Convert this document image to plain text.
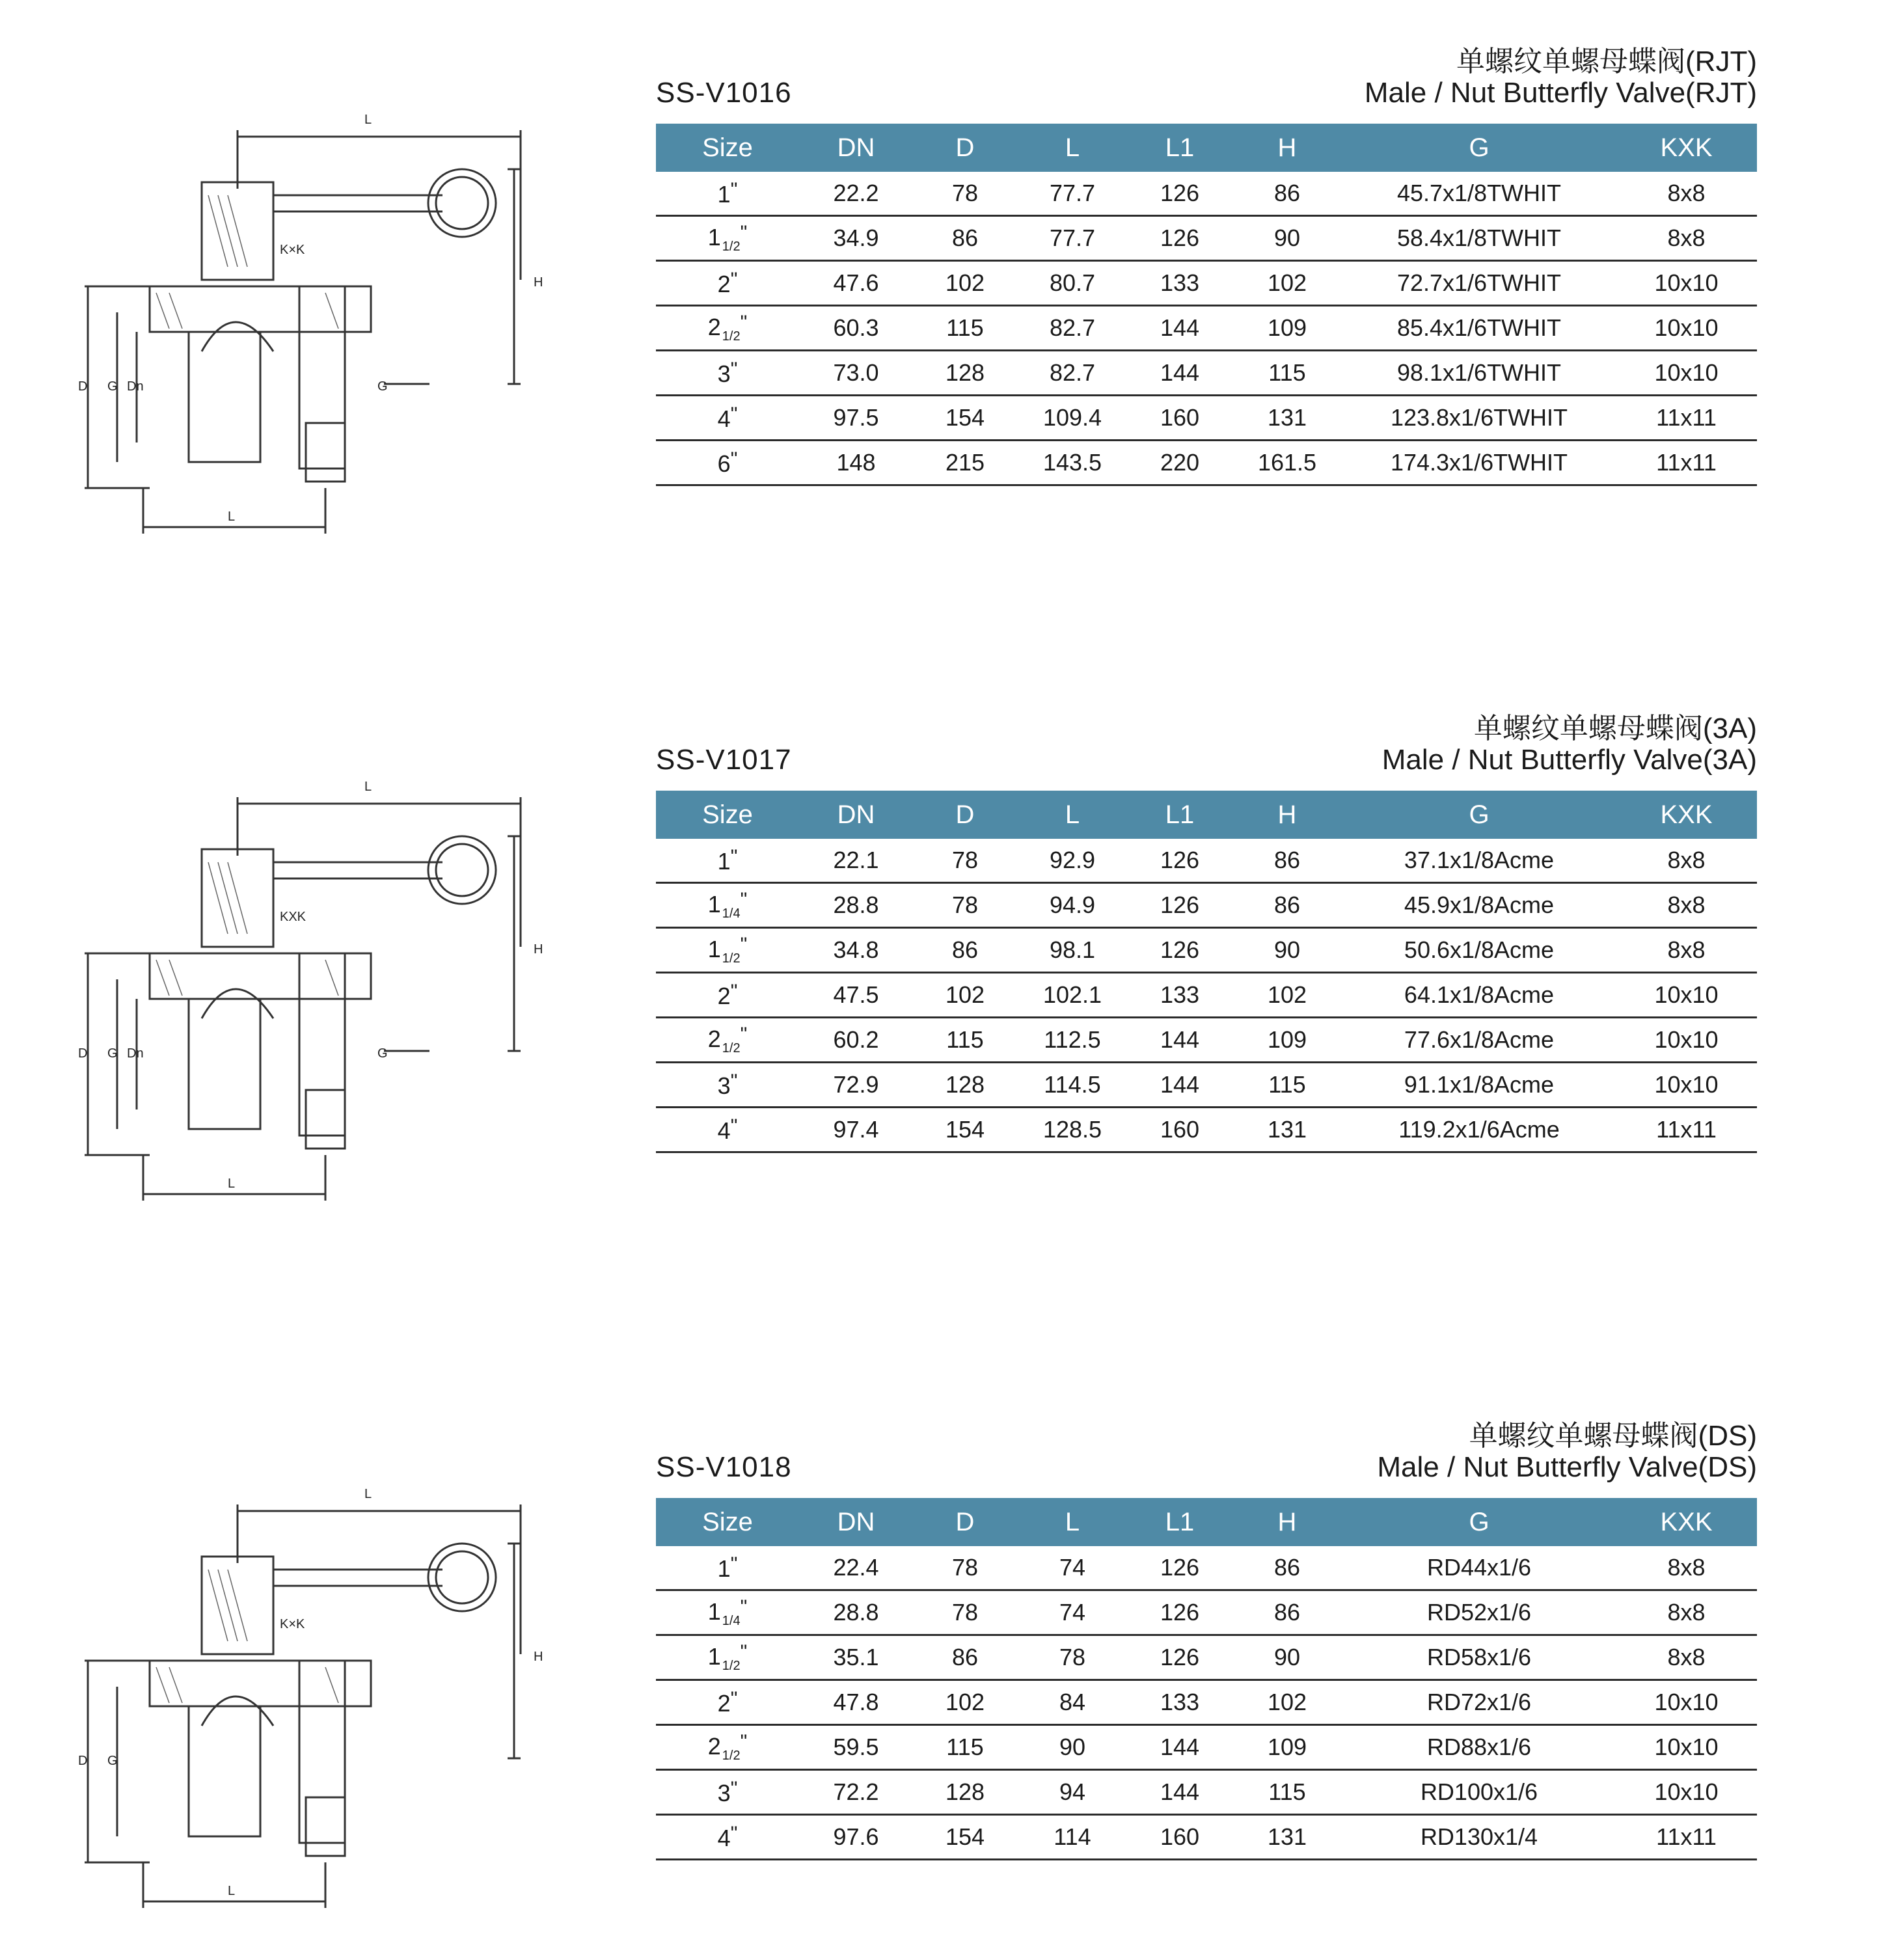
L
H
K×K
D G Dn	G
L
单螺纹单螺母蝶阀(RJT)
SS-V1016	Male / Nut Butterfly Valve(RJT)
Size	DN	D	L	L1	H	G	KXK
1"	22.2	78	77.7	126	86	45.7x1/8TWHIT	8x8
1 $_{1/2}$"	34.9	86	77.7	126	90	58.4x1/8TWHIT	8x8
2"	47.6	102	80.7	133	102	72.7x1/6TWHIT	10x10
2 $_{1/2}$"	60.3	115	82.7	144	109	85.4x1/6TWHIT	10x10
3"	73.0	128	82.7	144	115	98.1x1/6TWHIT	10x10
4"	97.5	154	109.4	160	131	123.8x1/6TWHIT	11x11
6"	148	215	143.5	220	161.5	174.3x1/6TWHIT	11x11
L
H
KXK
D G Dn	G
L
单螺纹单螺母蝶阀(3A)
SS-V1017	Male / Nut Butterfly Valve(3A)
Size	DN	D	L	L1	H	G	KXK
1"	22.1	78	92.9	126	86	37.1x1/8Acme	8x8
1 $_{1/4}$"	28.8	78	94.9	126	86	45.9x1/8Acme	8x8
1 $_{1/2}$"	34.8	86	98.1	126	90	50.6x1/8Acme	8x8
2"	47.5	102	102.1	133	102	64.1x1/8Acme	10x10
2 $_{1/2}$"	60.2	115	112.5	144	109	77.6x1/8Acme	10x10
3"	72.9	128	114.5	144	115	91.1x1/8Acme	10x10
4"	97.4	154	128.5	160	131	119.2x1/6Acme	11x11
L
H
K×K
D G
L
单螺纹单螺母蝶阀(DS)
SS-V1018	Male / Nut Butterfly Valve(DS)
Size	DN	D	L	L1	H	G	KXK
1"	22.4	78	74	126	86	RD44x1/6	8x8
1 $_{1/4}$"	28.8	78	74	126	86	RD52x1/6	8x8
1 $_{1/2}$"	35.1	86	78	126	90	RD58x1/6	8x8
2"	47.8	102	84	133	102	RD72x1/6	10x10
2 $_{1/2}$"	59.5	115	90	144	109	RD88x1/6	10x10
3"	72.2	128	94	144	115	RD100x1/6	10x10
4"	97.6	154	114	160	131	RD130x1/4	11x11
